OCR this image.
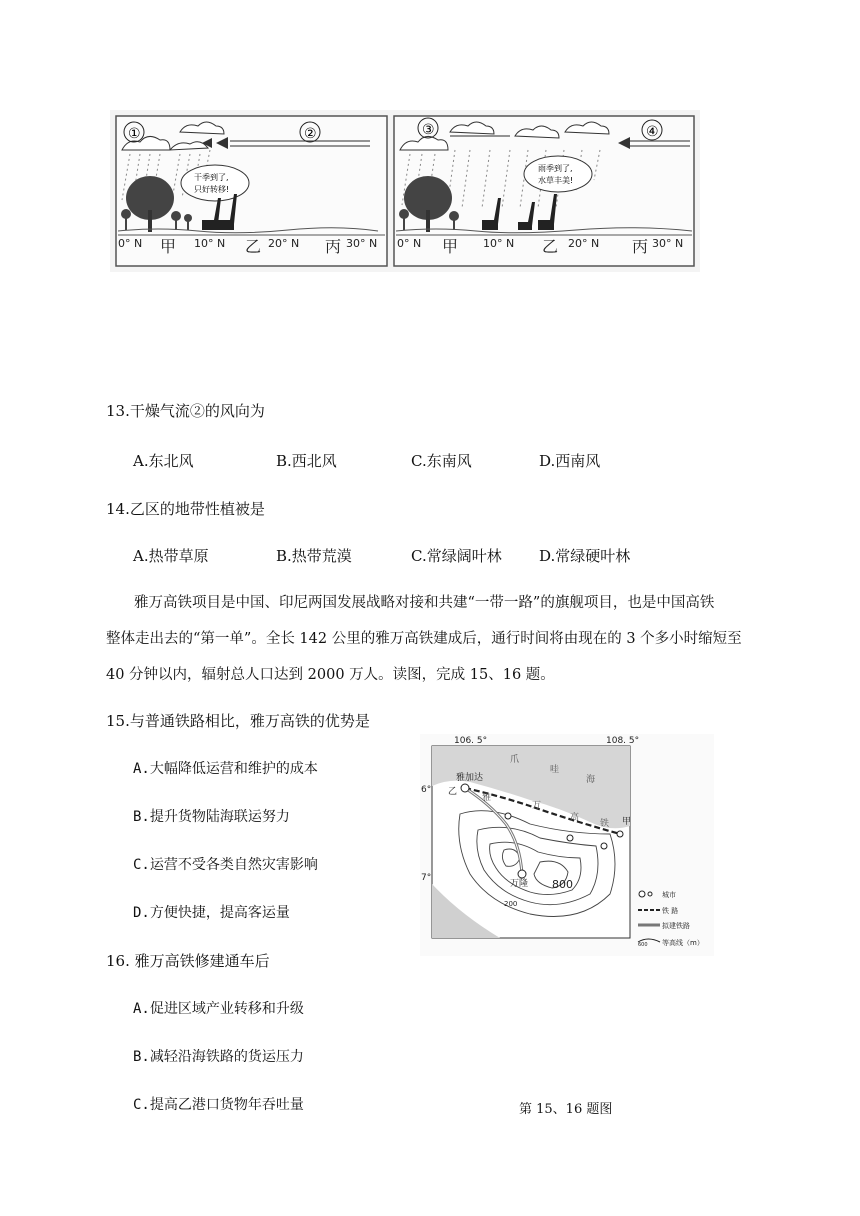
①	②
干季到了,
只好转移!
0° N 甲 10° N 乙 20° N 丙 30° N
③	④
雨季到了,
水草丰美!
0° N 甲 10° N 乙 20° N 丙 30° N
13.干燥气流②的风向为
A.东北风	B.西北风	C.东南风	D.西南风
14.乙区的地带性植被是
A.热带草原	B.热带荒漠	C.常绿阔叶林 D.常绿硬叶林
雅万高铁项目是中国、印尼两国发展战略对接和共建“一带一路”的旗舰项目，也是中国高铁
整体走出去的“第一单”。全长 142 公里的雅万高铁建成后，通行时间将由现在的 3 个多小时缩短至
40 分钟以内，辐射总人口达到 2000 万人。读图，完成 15、16 题。
15.与普通铁路相比，雅万高铁的优势是
A.大幅降低运营和维护的成本
B.提升货物陆海联运努力
C.运营不受各类自然灾害影响
D.方便快捷，提高客运量
16. 雅万高铁修建通车后
A.促进区域产业转移和升级
B.减轻沿海铁路的货运压力
C.提高乙港口货物年吞吐量
106. 5°	108. 5°
6°
7°
爪
哇
海
雅加达
乙
甲
万隆
雅
万
高
铁
800
200
城市
铁 路
拟建铁路
600 等高线（m）
第 15、16 题图
